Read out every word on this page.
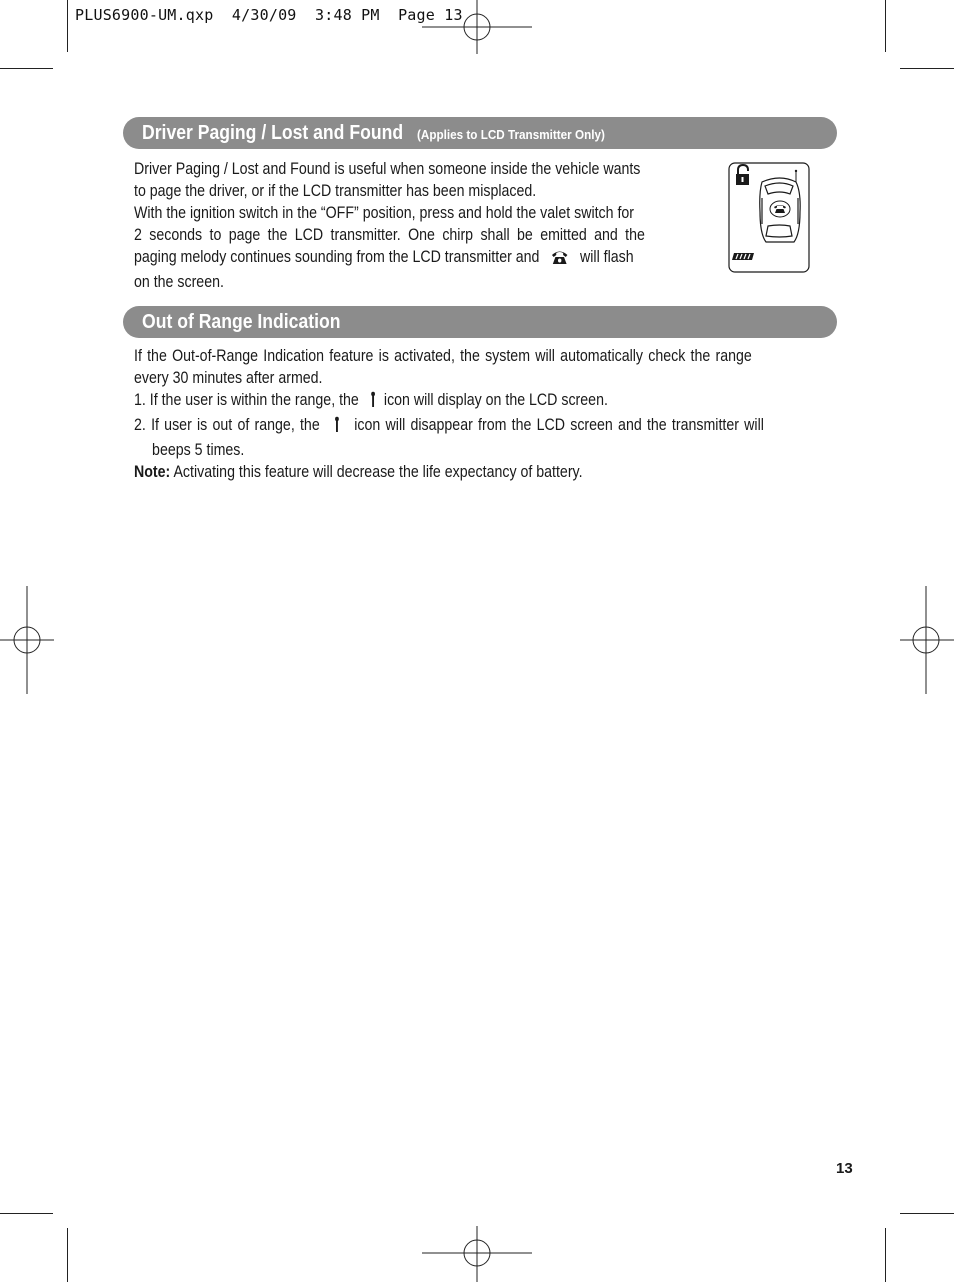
PLUS6900-UM.qxp  4/30/09  3:48 PM  Page 13
Driver Paging / Lost and Found (Applies to LCD Transmitter Only)
Driver Paging / Lost and Found is useful when someone inside the vehicle wants
to page the driver, or if the LCD transmitter has been misplaced.
With the ignition switch in the “OFF” position, press and hold the valet switch for
2 seconds to page the LCD transmitter. One chirp shall be emitted and the
paging melody continues sounding from the LCD transmitter and will flash
on the screen.
Out of Range Indication
If the Out-of-Range Indication feature is activated, the system will automatically check the range
every 30 minutes after armed.
1. If the user is within the range, the icon will display on the LCD screen.
2. If user is out of range, the icon will disappear from the LCD screen and the transmitter will
beeps 5 times.
Note: Activating this feature will decrease the life expectancy of battery.
13
